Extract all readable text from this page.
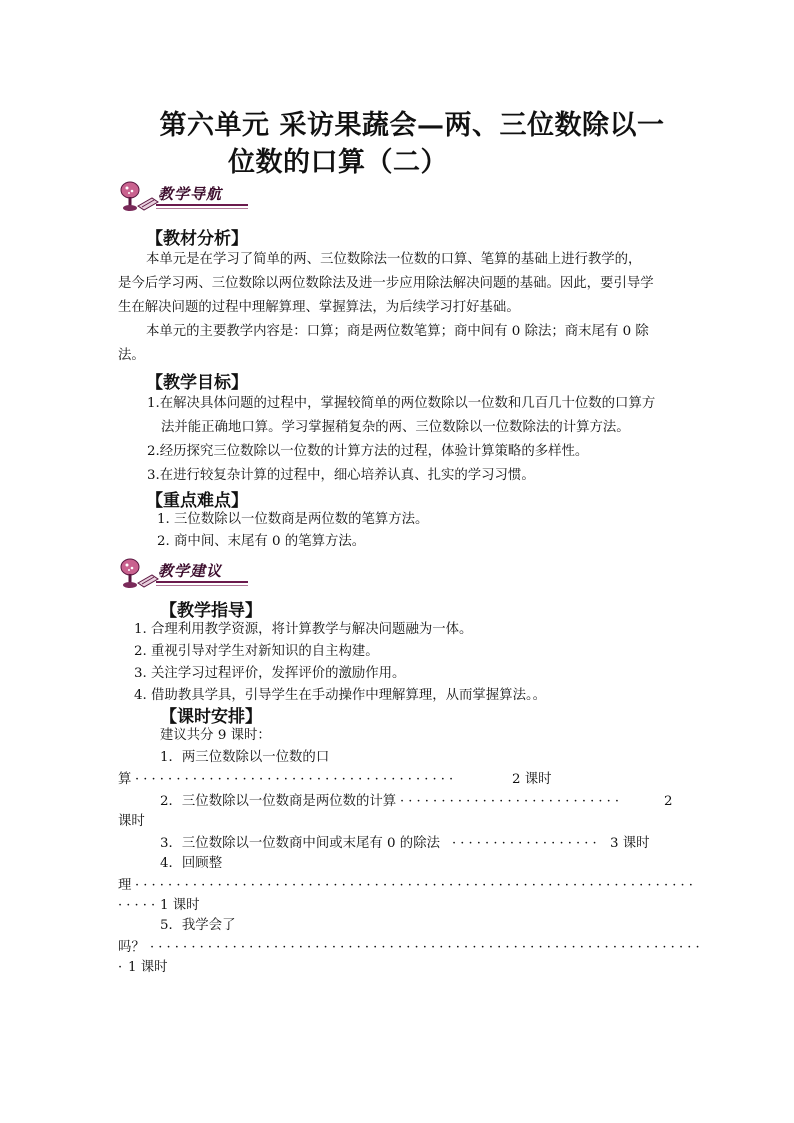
第六单元 采访果蔬会—两、三位数除以一
位数的口算（二）
教学导航
【教材分析】
本单元是在学习了简单的两、三位数除法一位数的口算、笔算的基础上进行教学的，
是今后学习两、三位数除以两位数除法及进一步应用除法解决问题的基础。因此，要引导学
生在解决问题的过程中理解算理、掌握算法，为后续学习打好基础。
本单元的主要教学内容是：口算；商是两位数笔算；商中间有 0 除法；商末尾有 0 除
法。
【教学目标】
1.在解决具体问题的过程中，掌握较简单的两位数除以一位数和几百几十位数的口算方
法并能正确地口算。学习掌握稍复杂的两、三位数除以一位数除法的计算方法。
2.经历探究三位数除以一位数的计算方法的过程，体验计算策略的多样性。
3.在进行较复杂计算的过程中，细心培养认真、扎实的学习习惯。
【重点难点】
1. 三位数除以一位数商是两位数的笔算方法。
2. 商中间、末尾有 0 的笔算方法。
教学建议
【教学指导】
1. 合理利用教学资源，将计算教学与解决问题融为一体。
2. 重视引导对学生对新知识的自主构建。
3. 关注学习过程评价，发挥评价的激励作用。
4. 借助教具学具，引导学生在手动操作中理解算理，从而掌握算法。。
【课时安排】
建议共分 9 课时：
1．两三位数除以一位数的口
算 · · · · · · · · · · · · · · · · · · · · · · · · · · · · · · · · · · · · · · ·	2 课时
2．三位数除以一位数商是两位数的计算 · · · · · · · · · · · · · · · · · · · · · · · · · · ·	2
课时
3．三位数除以一位数商中间或末尾有 0 的除法 · · · · · · · · · · · · · · · · · · 3 课时
4．回顾整
理 · · · · · · · · · · · · · · · · · · · · · · · · · · · · · · · · · · · · · · · · · · · · · · · · · · · · · · · · · · · · · · · · · · · ·
· · · · · 1 课时
5．我学会了
吗？ · · · · · · · · · · · · · · · · · · · · · · · · · · · · · · · · · · · · · · · · · · · · · · · · · · · · · · · · · · · · · · · · · · ·
· 1 课时
